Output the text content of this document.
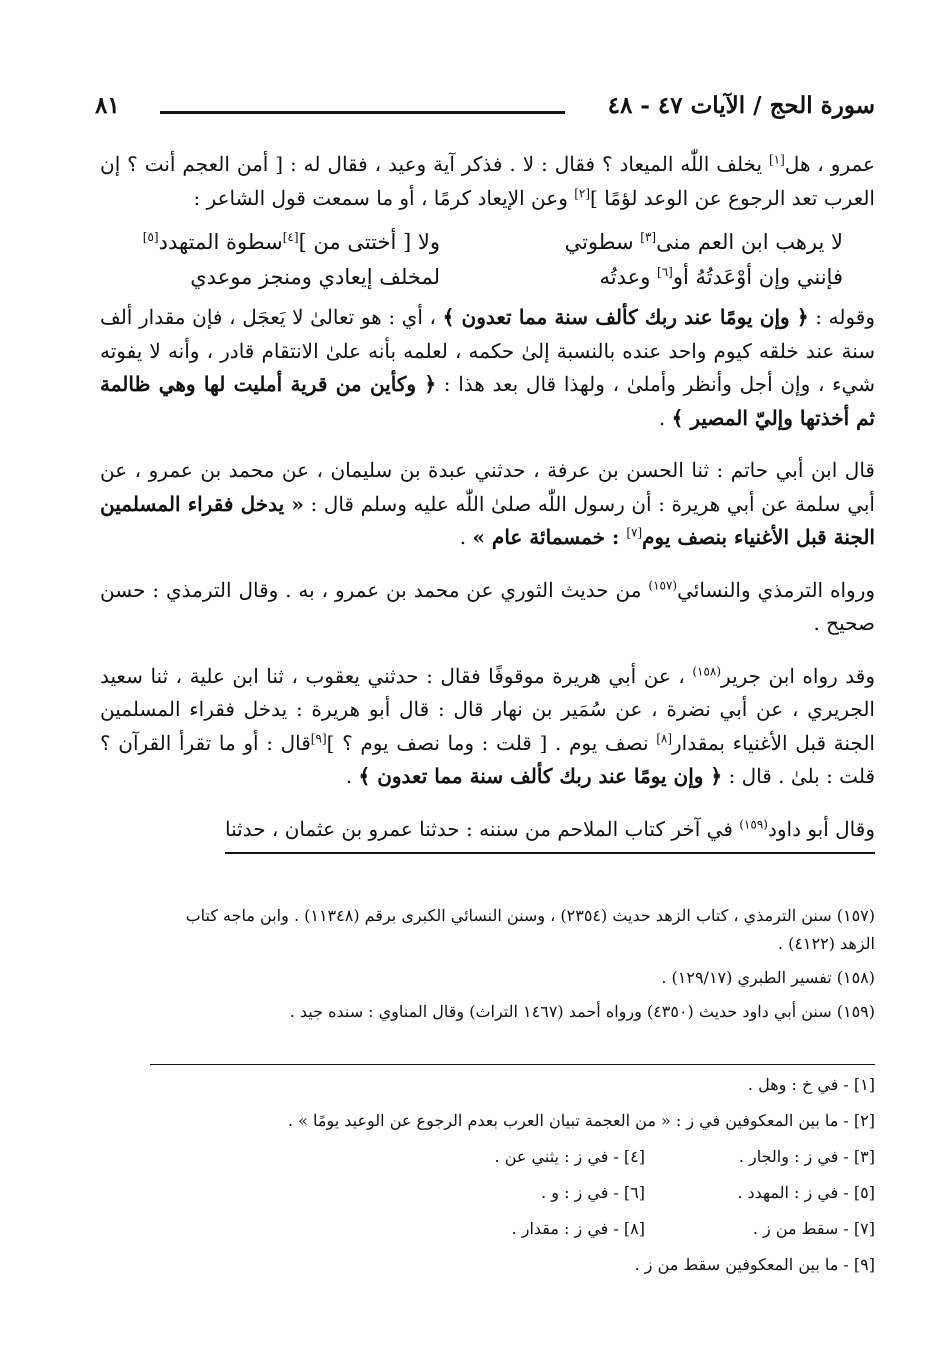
سورة الحج / الآيات ٤٧ - ٤٨
٨١

عمرو ، هل[١] يخلف اللّٰه الميعاد ؟ فقال : لا . فذكر آية وعيد ، فقال له : [ أمن العجم أنت ؟ إن العرب تعد الرجوع عن الوعد لؤمًا ][٢] وعن الإيعاد كرمًا ، أو ما سمعت قول الشاعر :

لا يرهب ابن العم منى[٣] سطوتي
ولا [ أختتى من ][٤]سطوة المتهدد[٥]
فإنني وإن أوْعَدتُهُ أو[٦] وعدتُه
لمخلف إيعادي ومنجز موعدي

وقوله : ﴿ وإن يومًا عند ربك كألف سنة مما تعدون ﴾ ، أي : هو تعالىٰ لا يَعجَل ، فإن مقدار ألف سنة عند خلقه كيوم واحد عنده بالنسبة إلىٰ حكمه ، لعلمه بأنه علىٰ الانتقام قادر ، وأنه لا يفوته شيء ، وإن أجل وأنظر وأملىٰ ، ولهذا قال بعد هذا : ﴿ وكأين من قرية أمليت لها وهي ظالمة ثم أخذتها وإليّ المصير ﴾ .

قال ابن أبي حاتم : ثنا الحسن بن عرفة ، حدثني عبدة بن سليمان ، عن محمد بن عمرو ، عن أبي سلمة عن أبي هريرة : أن رسول اللّٰه صلىٰ اللّٰه عليه وسلم قال : « يدخل فقراء المسلمين الجنة قبل الأغنياء بنصف يوم[٧] : خمسمائة عام » .

ورواه الترمذي والنسائي$^{(١٥٧)}$ من حديث الثوري عن محمد بن عمرو ، به . وقال الترمذي : حسن صحيح .

وقد رواه ابن جرير$^{(١٥٨)}$ ، عن أبي هريرة موقوفًا فقال : حدثني يعقوب ، ثنا ابن علية ، ثنا سعيد الجريري ، عن أبي نضرة ، عن سُمَير بن نهار قال : قال أبو هريرة : يدخل فقراء المسلمين الجنة قبل الأغنياء بمقدار[٨] نصف يوم . [ قلت : وما نصف يوم ؟ ][٩]قال : أو ما تقرأ القرآن ؟ قلت : بلىٰ . قال : ﴿ وإن يومًا عند ربك كألف سنة مما تعدون ﴾ .

وقال أبو داود$^{(١٥٩)}$ في آخر كتاب الملاحم من سننه : حدثنا عمرو بن عثمان ، حدثنا

(١٥٧) سنن الترمذي ، كتاب الزهد حديث (٢٣٥٤) ، وسنن النسائي الكبرى برقم (١١٣٤٨) . وابن ماجه كتاب الزهد (٤١٢٢) .

(١٥٨) تفسير الطبري (١٢٩/١٧) .

(١٥٩) سنن أبي داود حديث (٤٣٥٠) ورواه أحمد (١٤٦٧ التراث) وقال المناوي : سنده جيد .

[١] - في خ : وهل .
[٢] - ما بين المعكوفين في ز : « من العجمة تبيان العرب بعدم الرجوع عن الوعيد يومًا » .
[٣] - في ز : والجار .
[٤] - في ز : يثني عن .
[٥] - في ز : المهدد .
[٦] - في ز : و .
[٧] - سقط من ز .
[٨] - في ز : مقدار .
[٩] - ما بين المعكوفين سقط من ز .
